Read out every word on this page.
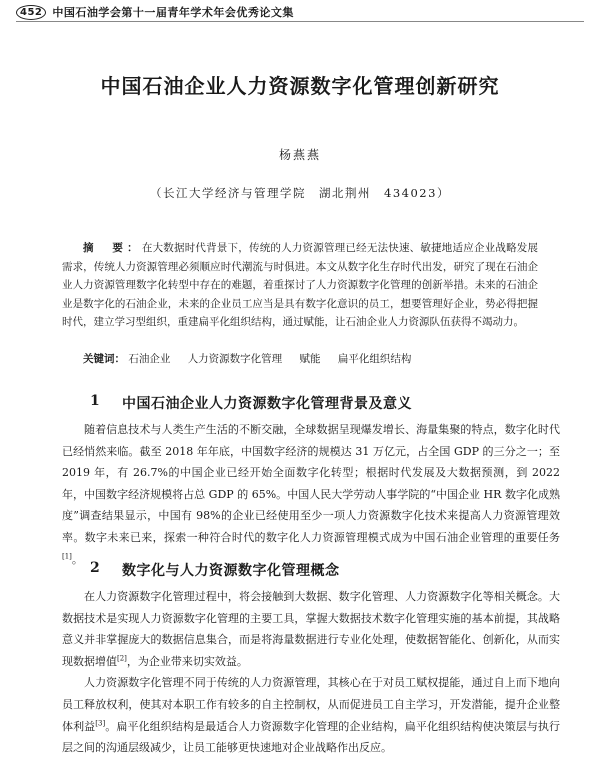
452 中国石油学会第十一届青年学术年会优秀论文集
中国石油企业人力资源数字化管理创新研究
杨燕燕
（长江大学经济与管理学院　湖北荆州　434023）
摘　要：在大数据时代背景下，传统的人力资源管理已经无法快速、敏捷地适应企业战略发展需求，传统人力资源管理必须顺应时代潮流与时俱进。本文从数字化生存时代出发，研究了现在石油企业人力资源管理数字化转型中存在的难题，着重探讨了人力资源数字化管理的创新举措。未来的石油企业是数字化的石油企业，未来的企业员工应当是具有数字化意识的员工，想要管理好企业，势必得把握时代，建立学习型组织，重建扁平化组织结构，通过赋能，让石油企业人力资源队伍获得不竭动力。
关键词： 石油企业 人力资源数字化管理 赋能 扁平化组织结构
1	中国石油企业人力资源数字化管理背景及意义

随着信息技术与人类生产生活的不断交融，全球数据呈现爆发增长、海量集聚的特点，数字化时代已经悄然来临。截至 2018 年年底，中国数字经济的规模达 31 万亿元，占全国 GDP 的三分之一；至 2019 年，有 26.7%的中国企业已经开始全面数字化转型；根据时代发展及大数据预测，到 2022 年，中国数字经济规模将占总 GDP 的 65%。中国人民大学劳动人事学院的“中国企业 HR 数字化成熟度”调查结果显示，中国有 98%的企业已经使用至少一项人力资源数字化技术来提高人力资源管理效率。数字未来已来，探索一种符合时代的数字化人力资源管理模式成为中国石油企业管理的重要任务[1]。

2	数字化与人力资源数字化管理概念

在人力资源数字化管理过程中，将会接触到大数据、数字化管理、人力资源数字化等相关概念。大数据技术是实现人力资源数字化管理的主要工具，掌握大数据技术数字化管理实施的基本前提，其战略意义并非掌握庞大的数据信息集合，而是将海量数据进行专业化处理，使数据智能化、创新化，从而实现数据增值[2]，为企业带来切实效益。

人力资源数字化管理不同于传统的人力资源管理，其核心在于对员工赋权提能，通过自上而下地向员工释放权利，使其对本职工作有较多的自主控制权，从而促进员工自主学习，开发潜能，提升企业整体利益[3]。扁平化组织结构是最适合人力资源数字化管理的企业结构，扁平化组织结构使决策层与执行层之间的沟通层级减少，让员工能够更快速地对企业战略作出反应。
